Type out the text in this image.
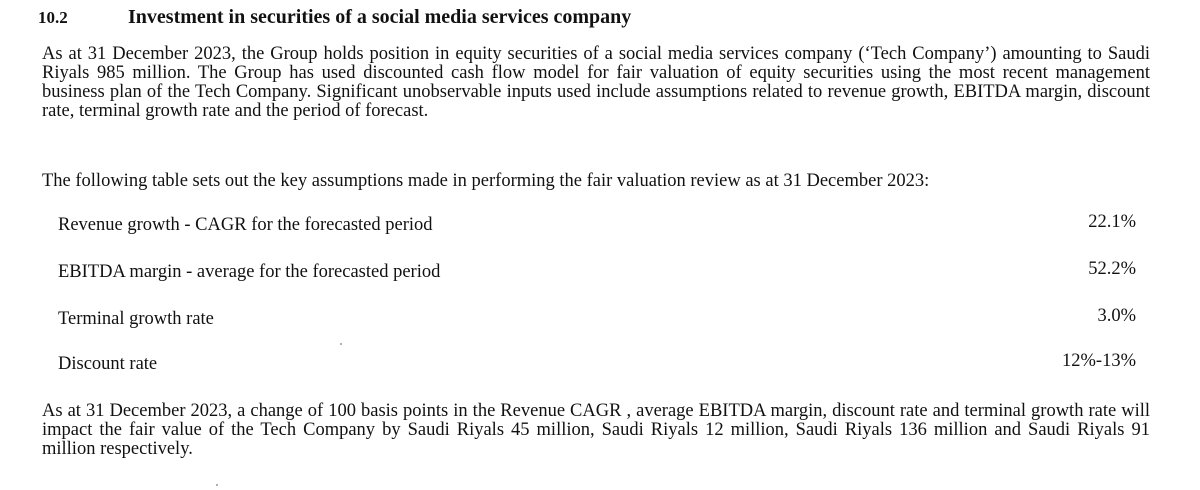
10.2	Investment in securities of a social media services company
As at 31 December 2023, the Group holds position in equity securities of a social media services company (‘Tech Company’) amounting to Saudi Riyals 985 million. The Group has used discounted cash flow model for fair valuation of equity securities using the most recent management business plan of the Tech Company. Significant unobservable inputs used include assumptions related to revenue growth, EBITDA margin, discount rate, terminal growth rate and the period of forecast.
The following table sets out the key assumptions made in performing the fair valuation review as at 31 December 2023:
Revenue growth - CAGR for the forecasted period	22.1%
EBITDA margin - average for the forecasted period	52.2%
Terminal growth rate	3.0%
Discount rate	12%-13%
As at 31 December 2023, a change of 100 basis points in the Revenue CAGR , average EBITDA margin, discount rate and terminal growth rate will impact the fair value of the Tech Company by Saudi Riyals 45 million, Saudi Riyals 12 million, Saudi Riyals 136 million and Saudi Riyals 91 million respectively.
